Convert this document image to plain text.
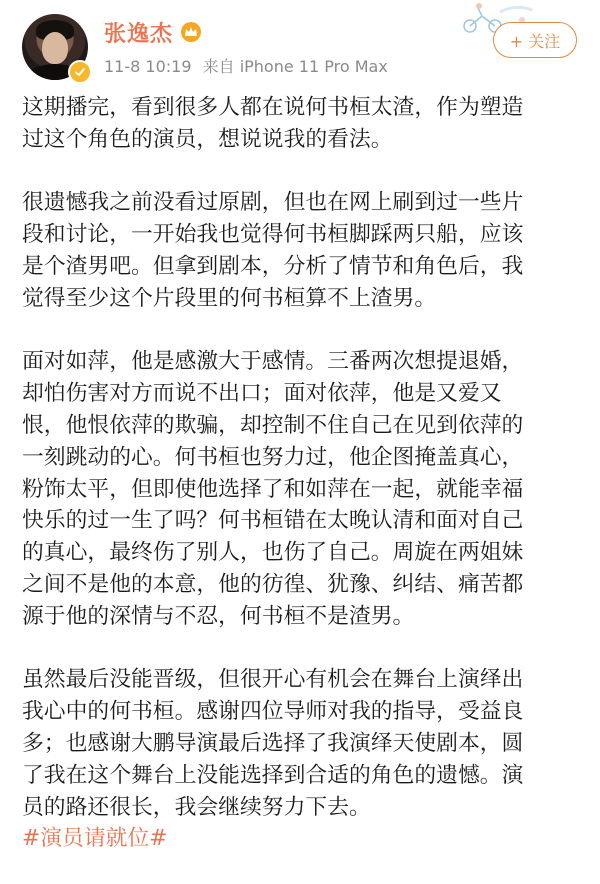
张逸杰
11-8 10:19 来自 iPhone 11 Pro Max
+ 关注

这期播完，看到很多人都在说何书桓太渣，作为塑造
过这个角色的演员，想说说我的看法。

很遗憾我之前没看过原剧，但也在网上刷到过一些片
段和讨论，一开始我也觉得何书桓脚踩两只船，应该
是个渣男吧。但拿到剧本，分析了情节和角色后，我
觉得至少这个片段里的何书桓算不上渣男。

面对如萍，他是感激大于感情。三番两次想提退婚，
却怕伤害对方而说不出口；面对依萍，他是又爱又
恨，他恨依萍的欺骗，却控制不住自己在见到依萍的
一刻跳动的心。何书桓也努力过，他企图掩盖真心，
粉饰太平，但即使他选择了和如萍在一起，就能幸福
快乐的过一生了吗？何书桓错在太晚认清和面对自己
的真心，最终伤了别人，也伤了自己。周旋在两姐妹
之间不是他的本意，他的彷徨、犹豫、纠结、痛苦都
源于他的深情与不忍，何书桓不是渣男。

虽然最后没能晋级，但很开心有机会在舞台上演绎出
我心中的何书桓。感谢四位导师对我的指导，受益良
多；也感谢大鹏导演最后选择了我演绎天使剧本，圆
了我在这个舞台上没能选择到合适的角色的遗憾。演
员的路还很长，我会继续努力下去。
#演员请就位#
